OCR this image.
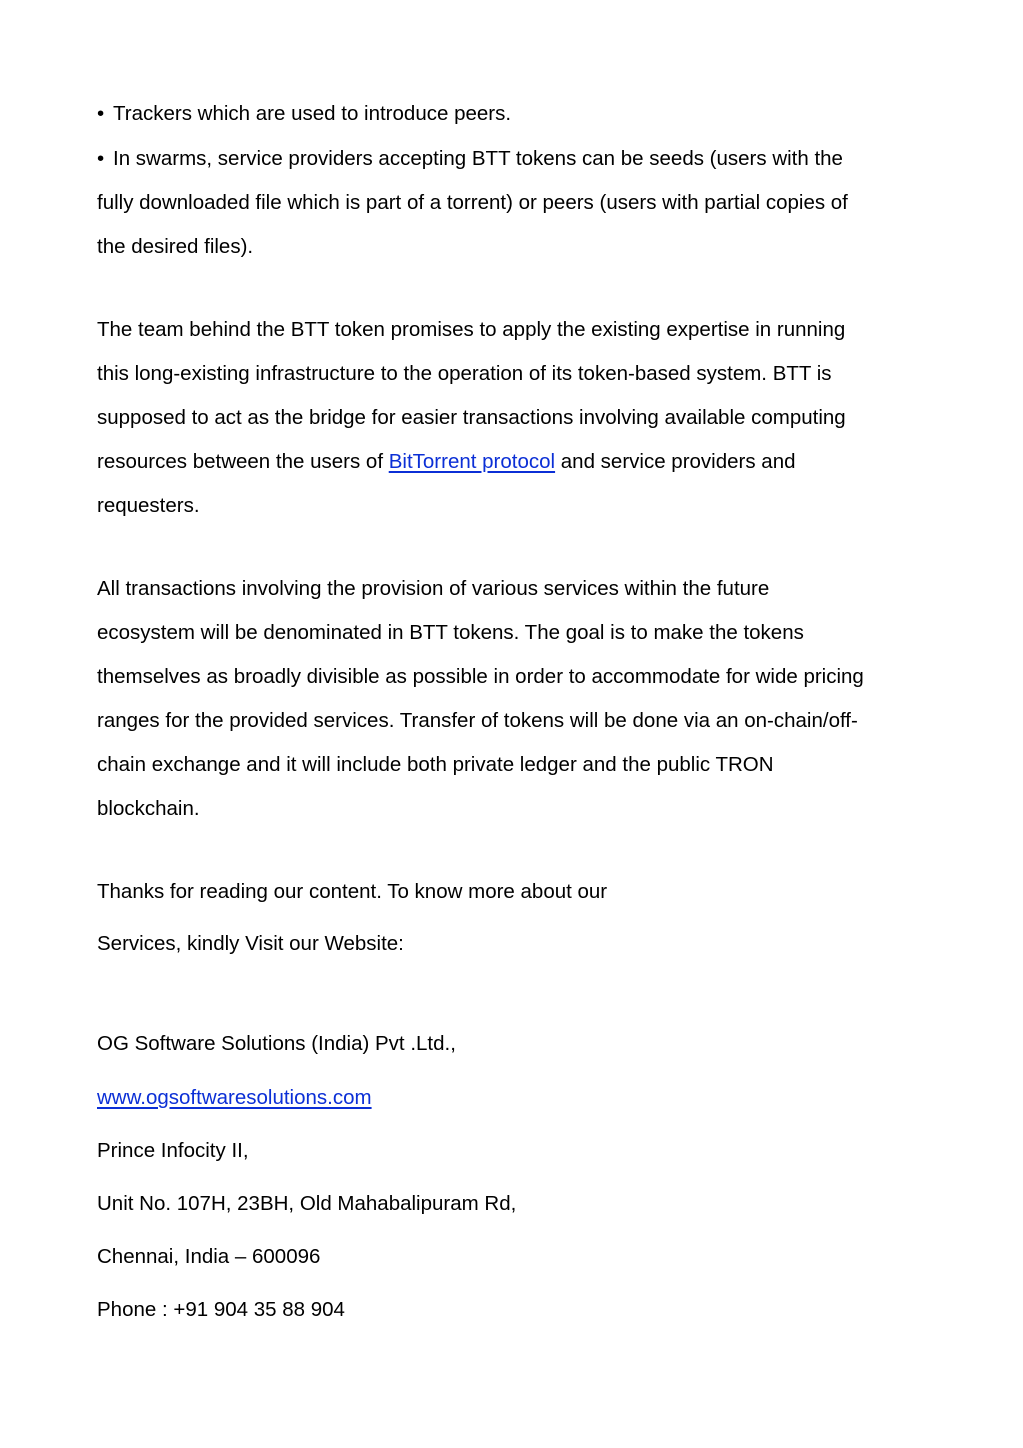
• Trackers which are used to introduce peers.
• In swarms, service providers accepting BTT tokens can be seeds (users with the
fully downloaded file which is part of a torrent) or peers (users with partial copies of
the desired files).
The team behind the BTT token promises to apply the existing expertise in running
this long-existing infrastructure to the operation of its token-based system. BTT is
supposed to act as the bridge for easier transactions involving available computing
resources between the users of BitTorrent protocol and service providers and
requesters.
All transactions involving the provision of various services within the future
ecosystem will be denominated in BTT tokens. The goal is to make the tokens
themselves as broadly divisible as possible in order to accommodate for wide pricing
ranges for the provided services. Transfer of tokens will be done via an on-chain/off-
chain exchange and it will include both private ledger and the public TRON
blockchain.
Thanks for reading our content. To know more about our
Services, kindly Visit our Website:
OG Software Solutions (India) Pvt .Ltd.,
www.ogsoftwaresolutions.com
Prince Infocity II,
Unit No. 107H, 23BH, Old Mahabalipuram Rd,
Chennai, India – 600096
Phone : +91 904 35 88 904
